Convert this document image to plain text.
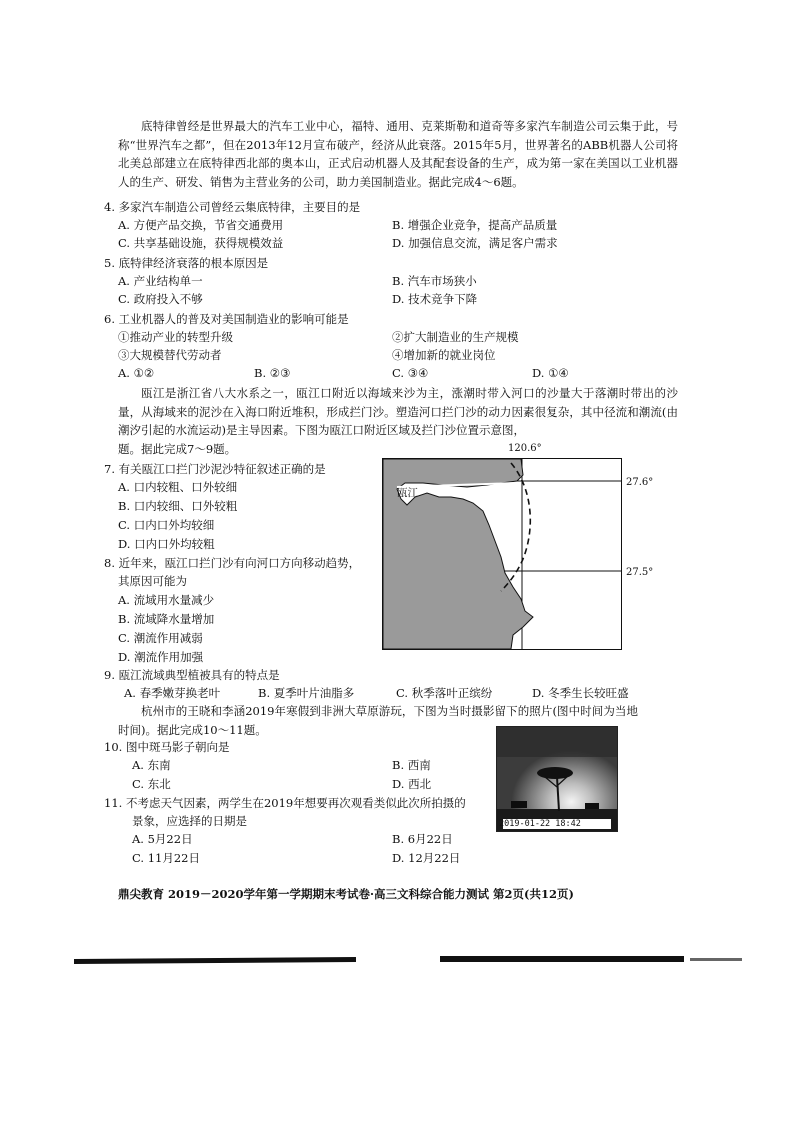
底特律曾经是世界最大的汽车工业中心，福特、通用、克莱斯勒和道奇等多家汽车制造公司云集于此，号称“世界汽车之都”，但在2013年12月宣布破产，经济从此衰落。2015年5月，世界著名的ABB机器人公司将北美总部建立在底特律西北部的奥本山，正式启动机器人及其配套设备的生产，成为第一家在美国以工业机器人的生产、研发、销售为主营业务的公司，助力美国制造业。据此完成4～6题。

4. 多家汽车制造公司曾经云集底特律，主要目的是
A. 方便产品交换，节省交通费用	B. 增强企业竞争，提高产品质量
C. 共享基础设施，获得规模效益	D. 加强信息交流，满足客户需求
5. 底特律经济衰落的根本原因是
A. 产业结构单一	B. 汽车市场狭小
C. 政府投入不够	D. 技术竞争下降
6. 工业机器人的普及对美国制造业的影响可能是
①推动产业的转型升级	②扩大制造业的生产规模
③大规模替代劳动者	④增加新的就业岗位
A. ①②	B. ②③	C. ③④	D. ①④

瓯江是浙江省八大水系之一，瓯江口附近以海域来沙为主，涨潮时带入河口的沙量大于落潮时带出的沙量，从海域来的泥沙在入海口附近堆积，形成拦门沙。塑造河口拦门沙的动力因素很复杂，其中径流和潮流(由潮汐引起的水流运动)是主导因素。下图为瓯江口附近区域及拦门沙位置示意图，

题。据此完成7～9题。	120.6°
瓯江
27.6°
27.5°
7. 有关瓯江口拦门沙泥沙特征叙述正确的是
A. 口内较粗、口外较细
B. 口内较细、口外较粗
C. 口内口外均较细
D. 口内口外均较粗
8. 近年来，瓯江口拦门沙有向河口方向移动趋势，
其原因可能为
A. 流域用水量减少
B. 流域降水量增加
C. 潮流作用减弱
D. 潮流作用加强
9. 瓯江流域典型植被具有的特点是
A. 春季嫩芽换老叶	B. 夏季叶片油脂多	C. 秋季落叶正缤纷	D. 冬季生长较旺盛

杭州市的王晓和李涵2019年寒假到非洲大草原游玩，下图为当时摄影留下的照片(图中时间为当地时间)。据此完成10～11题。

2019-01-22 18:42
10. 图中斑马影子朝向是
A. 东南	B. 西南
C. 东北	D. 西北
11. 不考虑天气因素，两学生在2019年想要再次观看类似此次所拍摄的
景象，应选择的日期是
A. 5月22日	B. 6月22日
C. 11月22日	D. 12月22日
鼎尖教育 2019－2020学年第一学期期末考试卷·高三文科综合能力测试 第2页(共12页)
